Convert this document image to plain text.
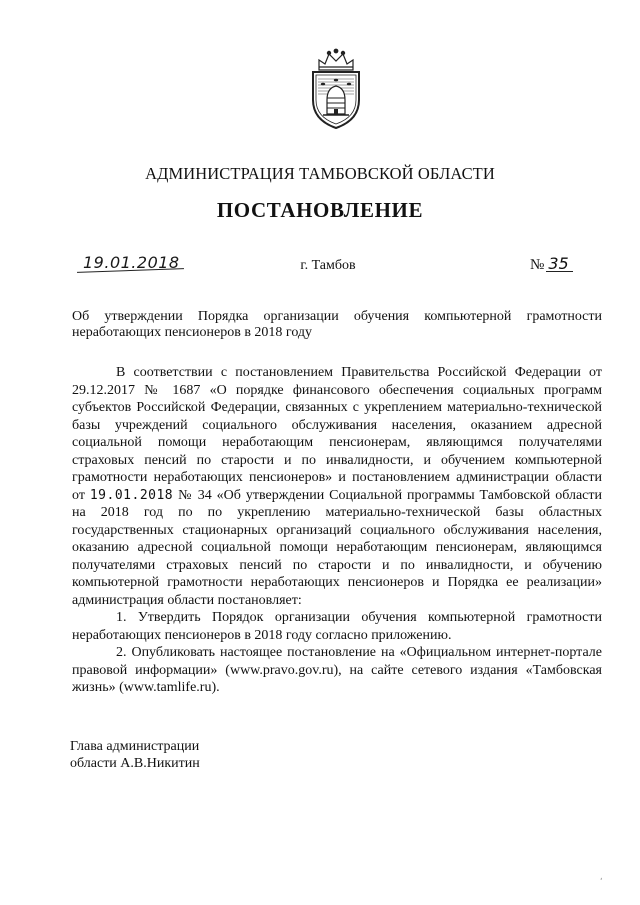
АДМИНИСТРАЦИЯ ТАМБОВСКОЙ ОБЛАСТИ
ПОСТАНОВЛЕНИЕ
19.01.2018	г. Тамбов	№ 35
Об утверждении Порядка организации обучения компьютерной грамотности неработающих пенсионеров в 2018 году

В соответствии с постановлением Правительства Российской Федерации от 29.12.2017 № 1687 «О порядке финансового обеспечения социальных программ субъектов Российской Федерации, связанных с укреплением материально-технической базы учреждений социального обслуживания населения, оказанием адресной социальной помощи неработающим пенсионерам, являющимся получателями страховых пенсий по старости и по инвалидности, и обучением компьютерной грамотности неработающих пенсионеров» и постановлением администрации области от 19.01.2018 № 34 «Об утверждении Социальной программы Тамбовской области на 2018 год по по укреплению материально-технической базы областных государственных стационарных организаций социального обслуживания населения, оказанию адресной социальной помощи неработающим пенсионерам, являющимся получателями страховых пенсий по старости и по инвалидности, и обучению компьютерной грамотности неработающих пенсионеров и Порядка ее реализации» администрация области постановляет:

1. Утвердить Порядок организации обучения компьютерной грамотности неработающих пенсионеров в 2018 году согласно приложению.

2. Опубликовать настоящее постановление на «Официальном интернет-портале правовой информации» (www.pravo.gov.ru), на сайте сетевого издания «Тамбовская жизнь» (www.tamlife.ru).

Глава администрации
области А.В.Никитин
ʹ
